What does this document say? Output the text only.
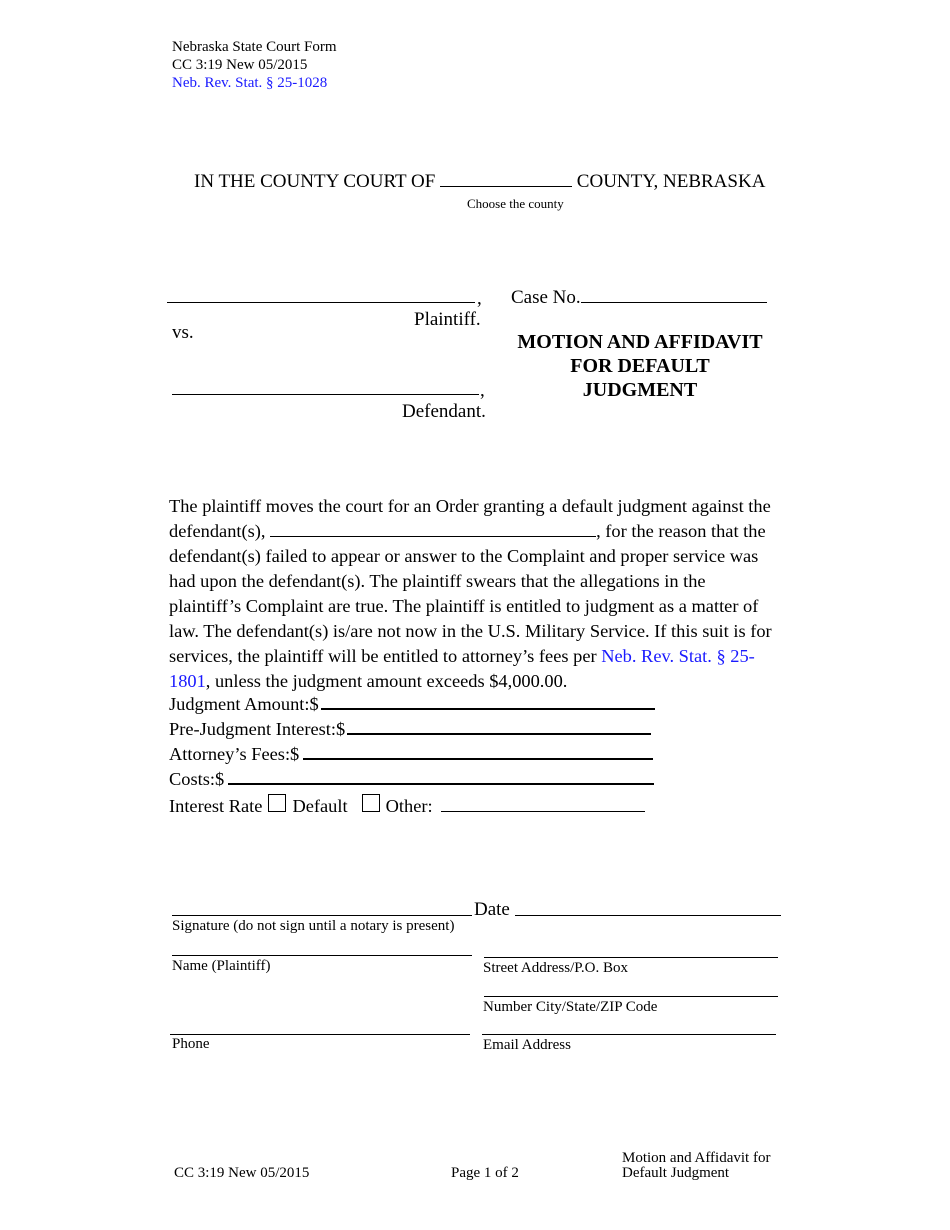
Nebraska State Court Form
CC 3:19 New 05/2015
Neb. Rev. Stat. § 25-1028
IN THE COUNTY COURT OF	COUNTY, NEBRASKA
Choose the county
,
Plaintiff.
vs.
,
Defendant.
Case No.
MOTION AND AFFIDAVIT
FOR DEFAULT
JUDGMENT
The plaintiff moves the court for an Order granting a default judgment against the defendant(s),	, for the reason that the defendant(s) failed to appear or answer to the Complaint and proper service was had upon the defendant(s). The plaintiff swears that the allegations in the plaintiff’s Complaint are true. The plaintiff is entitled to judgment as a matter of law. The defendant(s) is/are not now in the U.S. Military Service. If this suit is for services, the plaintiff will be entitled to attorney’s fees per Neb. Rev. Stat. § 25-1801, unless the judgment amount exceeds $4,000.00.
Judgment Amount:$
Pre-Judgment Interest:$
Attorney’s Fees:$
Costs:$
Interest Rate Default Other:
Signature (do not sign until a notary is present)
Date
Name (Plaintiff)	Street Address/P.O. Box
Number City/State/ZIP Code
Phone	Email Address
CC 3:19 New 05/2015	Page 1 of 2
Motion and Affidavit for
Default Judgment
